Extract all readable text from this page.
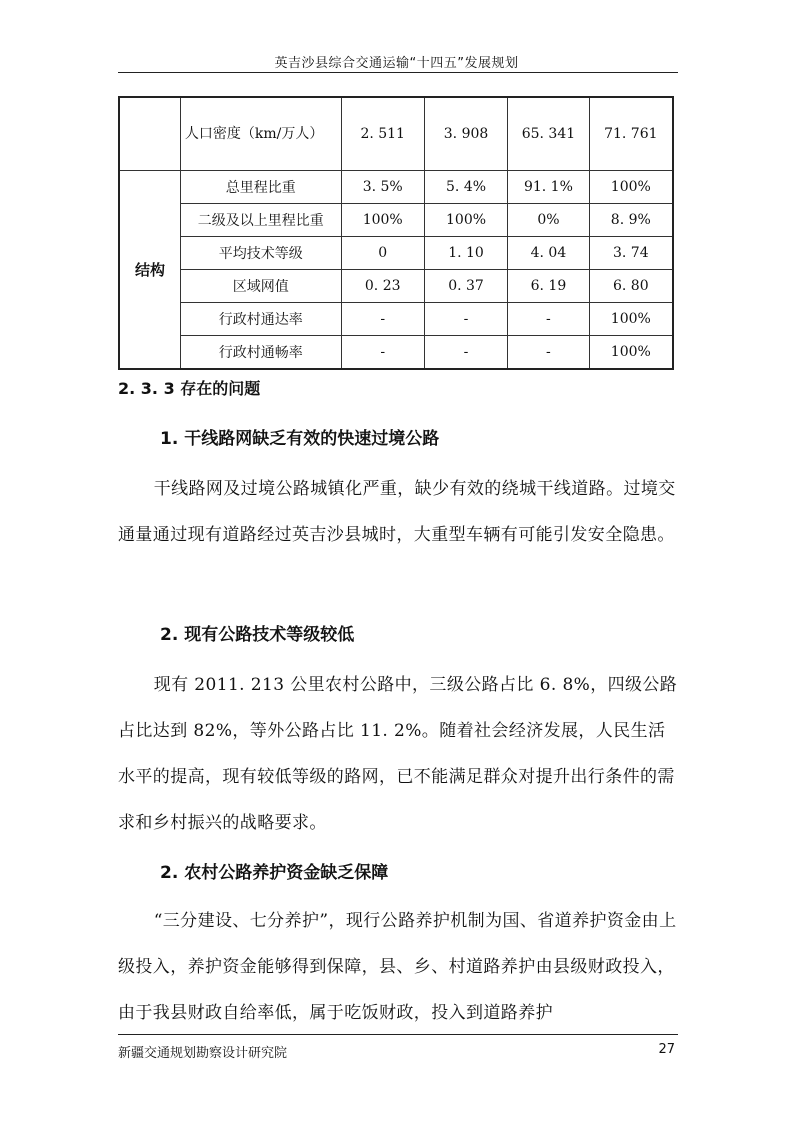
英吉沙县综合交通运输“十四五”发展规划

	人口密度（km/万人）	2. 511	3. 908	65. 341	71. 761
结构	总里程比重	3. 5%	5. 4%	91. 1%	100%
	二级及以上里程比重	100%	100%	0%	8. 9%
	平均技术等级	0	1. 10	4. 04	3. 74
	区域网值	0. 23	0. 37	6. 19	6. 80
	行政村通达率	-	-	-	100%
	行政村通畅率	-	-	-	100%
2. 3. 3 存在的问题
1. 干线路网缺乏有效的快速过境公路

干线路网及过境公路城镇化严重，缺少有效的绕城干线道路。过境交通量通过现有道路经过英吉沙县城时，大重型车辆有可能引发安全隐患。

2. 现有公路技术等级较低

现有 2011. 213 公里农村公路中，三级公路占比 6. 8%，四级公路占比达到 82%，等外公路占比 11. 2%。随着社会经济发展，人民生活水平的提高，现有较低等级的路网，已不能满足群众对提升出行条件的需求和乡村振兴的战略要求。

2. 农村公路养护资金缺乏保障

“三分建设、七分养护”，现行公路养护机制为国、省道养护资金由上级投入，养护资金能够得到保障，县、乡、村道路养护由县级财政投入，由于我县财政自给率低，属于吃饭财政，投入到道路养护

新疆交通规划勘察设计研究院	27
